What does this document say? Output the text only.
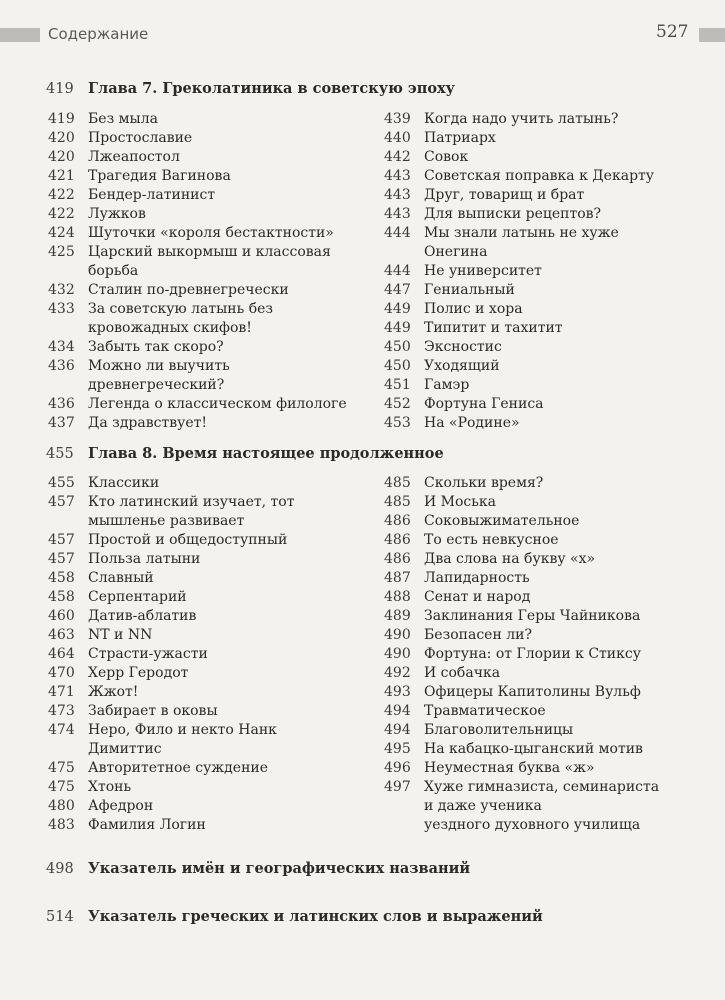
Содержание	527
419 Глава 7. Греколатиника в советскую эпоху
419 Без мыла
420 Простославие
420 Лжеапостол
421 Трагедия Вагинова
422 Бендер-латинист
422 Лужков
424 Шуточки «короля бестактности»
425 Царский выкормыш и классовая
борьба
432 Сталин по-древнегречески
433 За советскую латынь без
кровожадных скифов!
434 Забыть так скоро?
436 Можно ли выучить
древнегреческий?
436 Легенда о классическом филологе
437 Да здравствует!
439 Когда надо учить латынь?
440 Патриарх
442 Совок
443 Советская поправка к Декарту
443 Друг, товарищ и брат
443 Для выписки рецептов?
444 Мы знали латынь не хуже
Онегина
444 Не университет
447 Гениальный
449 Полис и хора
449 Типитит и тахитит
450 Эксностис
450 Уходящий
451 Гамэр
452 Фортуна Гениса
453 На «Родине»
455 Глава 8. Время настоящее продолженное
455 Классики
457 Кто латинский изучает, тот
мышленье развивает
457 Простой и общедоступный
457 Польза латыни
458 Славный
458 Серпентарий
460 Датив-аблатив
463 NT и NN
464 Страсти-ужасти
470 Херр Геродот
471 Жжот!
473 Забирает в оковы
474 Неро, Фило и некто Нанк
Димиттис
475 Авторитетное суждение
475 Хтонь
480 Афедрон
483 Фамилия Логин
485 Скольки время?
485 И Моська
486 Соковыжимательное
486 То есть невкусное
486 Два слова на букву «х»
487 Лапидарность
488 Сенат и народ
489 Заклинания Геры Чайникова
490 Безопасен ли?
490 Фортуна: от Глории к Стиксу
492 И собачка
493 Офицеры Капитолины Вульф
494 Травматическое
494 Благоволительницы
495 На кабацко-цыганский мотив
496 Неуместная буква «ж»
497 Хуже гимназиста, семинариста
и даже ученика
уездного духовного училища
498 Указатель имён и географических названий
514 Указатель греческих и латинских слов и выражений
